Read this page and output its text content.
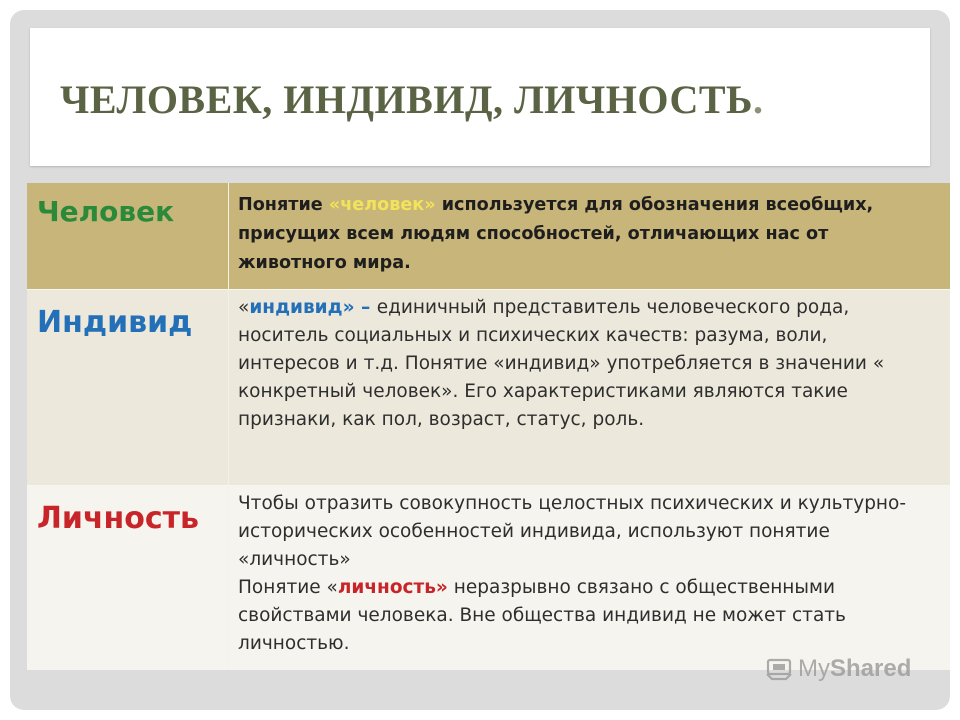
ЧЕЛОВЕК, ИНДИВИД, ЛИЧНОСТЬ.
Человек	Понятие «человек» используется для обозначения всеобщих, присущих всем людям способностей, отличающих нас от животного мира.
Индивид «индивид» – единичный представитель человеческого рода, носитель социальных и психических качеств: разума, воли, интересов и т.д. Понятие «индивид» употребляется в значении « конкретный человек». Его характеристиками являются такие признаки, как пол, возраст, статус, роль.
Личность Чтобы отразить совокупность целостных психических и культурно- исторических особенностей индивида, используют понятие «личность»
Понятие «личность» неразрывно связано с общественными свойствами человека. Вне общества индивид не может стать личностью.
MyShared
